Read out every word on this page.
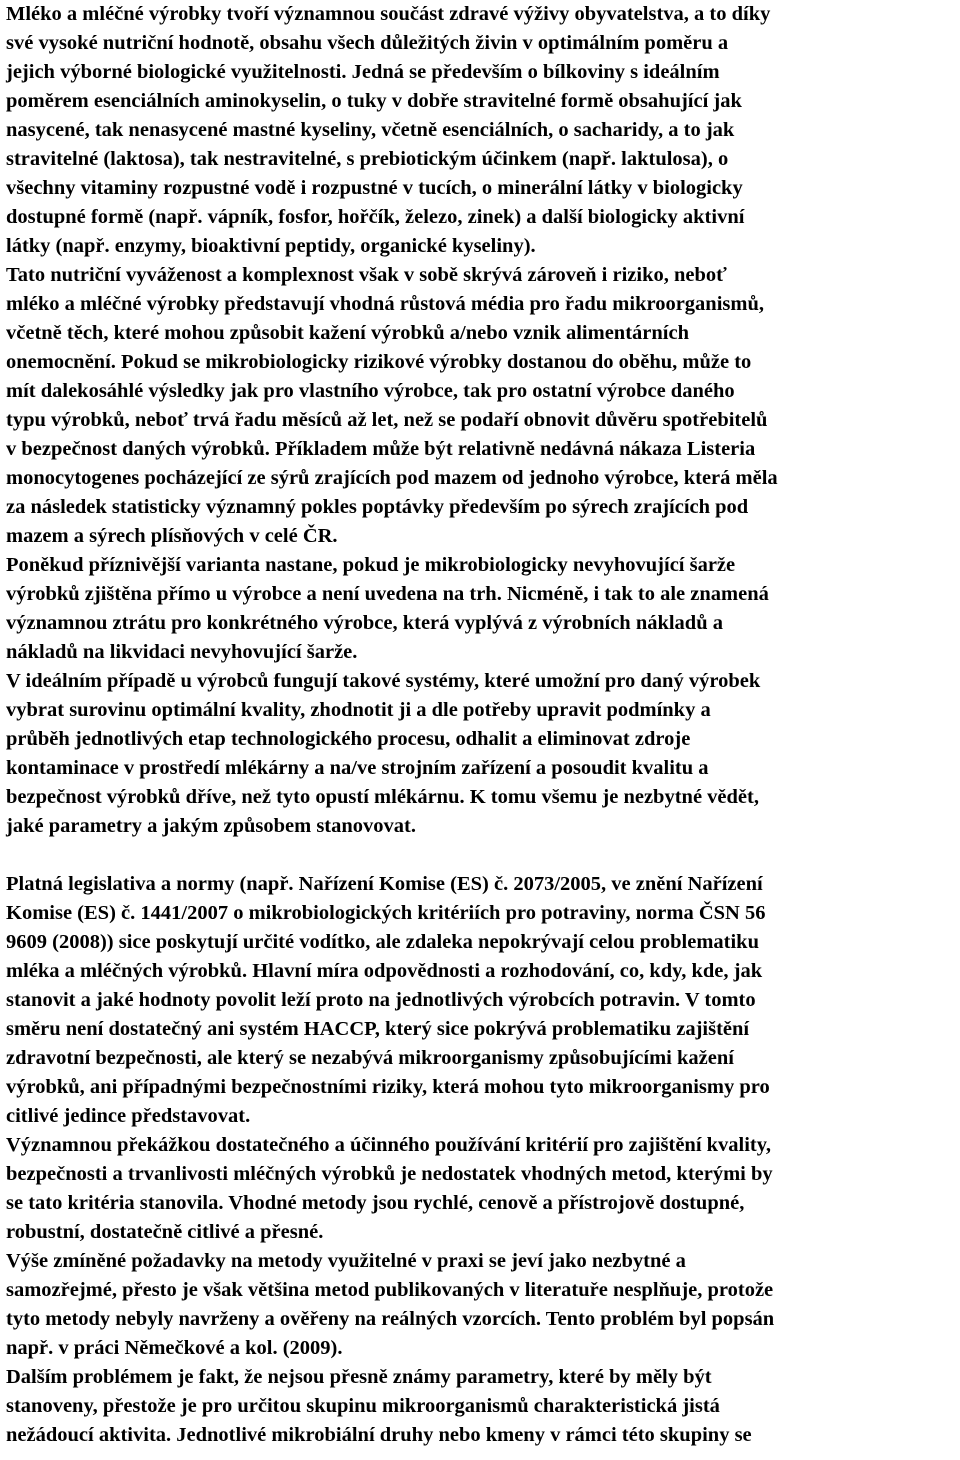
Mléko a mléčné výrobky tvoří významnou součást zdravé výživy obyvatelstva, a to díky
své vysoké nutriční hodnotě, obsahu všech důležitých živin v optimálním poměru a
jejich výborné biologické využitelnosti. Jedná se především o bílkoviny s ideálním
poměrem esenciálních aminokyselin, o tuky v dobře stravitelné formě obsahující jak
nasycené, tak nenasycené mastné kyseliny, včetně esenciálních, o sacharidy, a to jak
stravitelné (laktosa), tak nestravitelné, s prebiotickým účinkem (např. laktulosa), o
všechny vitaminy rozpustné vodě i rozpustné v tucích, o minerální látky v biologicky
dostupné formě (např. vápník, fosfor, hořčík, železo, zinek) a další biologicky aktivní
látky (např. enzymy, bioaktivní peptidy, organické kyseliny).
Tato nutriční vyváženost a komplexnost však v sobě skrývá zároveň i riziko, neboť
mléko a mléčné výrobky představují vhodná růstová média pro řadu mikroorganismů,
včetně těch, které mohou způsobit kažení výrobků a/nebo vznik alimentárních
onemocnění. Pokud se mikrobiologicky rizikové výrobky dostanou do oběhu, může to
mít dalekosáhlé výsledky jak pro vlastního výrobce, tak pro ostatní výrobce daného
typu výrobků, neboť trvá řadu měsíců až let, než se podaří obnovit důvěru spotřebitelů
v bezpečnost daných výrobků. Příkladem může být relativně nedávná nákaza Listeria
monocytogenes pocházející ze sýrů zrajících pod mazem od jednoho výrobce, která měla
za následek statisticky významný pokles poptávky především po sýrech zrajících pod
mazem a sýrech plísňových v celé ČR.
Poněkud příznivější varianta nastane, pokud je mikrobiologicky nevyhovující šarže
výrobků zjištěna přímo u výrobce a není uvedena na trh. Nicméně, i tak to ale znamená
významnou ztrátu pro konkrétného výrobce, která vyplývá z výrobních nákladů a
nákladů na likvidaci nevyhovující šarže.
V ideálním případě u výrobců fungují takové systémy, které umožní pro daný výrobek
vybrat surovinu optimální kvality, zhodnotit ji a dle potřeby upravit podmínky a
průběh jednotlivých etap technologického procesu, odhalit a eliminovat zdroje
kontaminace v prostředí mlékárny a na/ve strojním zařízení a posoudit kvalitu a
bezpečnost výrobků dříve, než tyto opustí mlékárnu. K tomu všemu je nezbytné vědět,
jaké parametry a jakým způsobem stanovovat.
Platná legislativa a normy (např. Nařízení Komise (ES) č. 2073/2005, ve znění Nařízení
Komise (ES) č. 1441/2007 o mikrobiologických kritériích pro potraviny, norma ČSN 56
9609 (2008)) sice poskytují určité vodítko, ale zdaleka nepokrývají celou problematiku
mléka a mléčných výrobků. Hlavní míra odpovědnosti a rozhodování, co, kdy, kde, jak
stanovit a jaké hodnoty povolit leží proto na jednotlivých výrobcích potravin. V tomto
směru není dostatečný ani systém HACCP, který sice pokrývá problematiku zajištění
zdravotní bezpečnosti, ale který se nezabývá mikroorganismy způsobujícími kažení
výrobků, ani případnými bezpečnostními riziky, která mohou tyto mikroorganismy pro
citlivé jedince představovat.
Významnou překážkou dostatečného a účinného používání kritérií pro zajištění kvality,
bezpečnosti a trvanlivosti mléčných výrobků je nedostatek vhodných metod, kterými by
se tato kritéria stanovila. Vhodné metody jsou rychlé, cenově a přístrojově dostupné,
robustní, dostatečně citlivé a přesné.
Výše zmíněné požadavky na metody využitelné v praxi se jeví jako nezbytné a
samozřejmé, přesto je však většina metod publikovaných v literatuře nesplňuje, protože
tyto metody nebyly navrženy a ověřeny na reálných vzorcích. Tento problém byl popsán
např. v práci Němečkové a kol. (2009).
Dalším problémem je fakt, že nejsou přesně známy parametry, které by měly být
stanoveny, přestože je pro určitou skupinu mikroorganismů charakteristická jistá
nežádoucí aktivita. Jednotlivé mikrobiální druhy nebo kmeny v rámci této skupiny se
